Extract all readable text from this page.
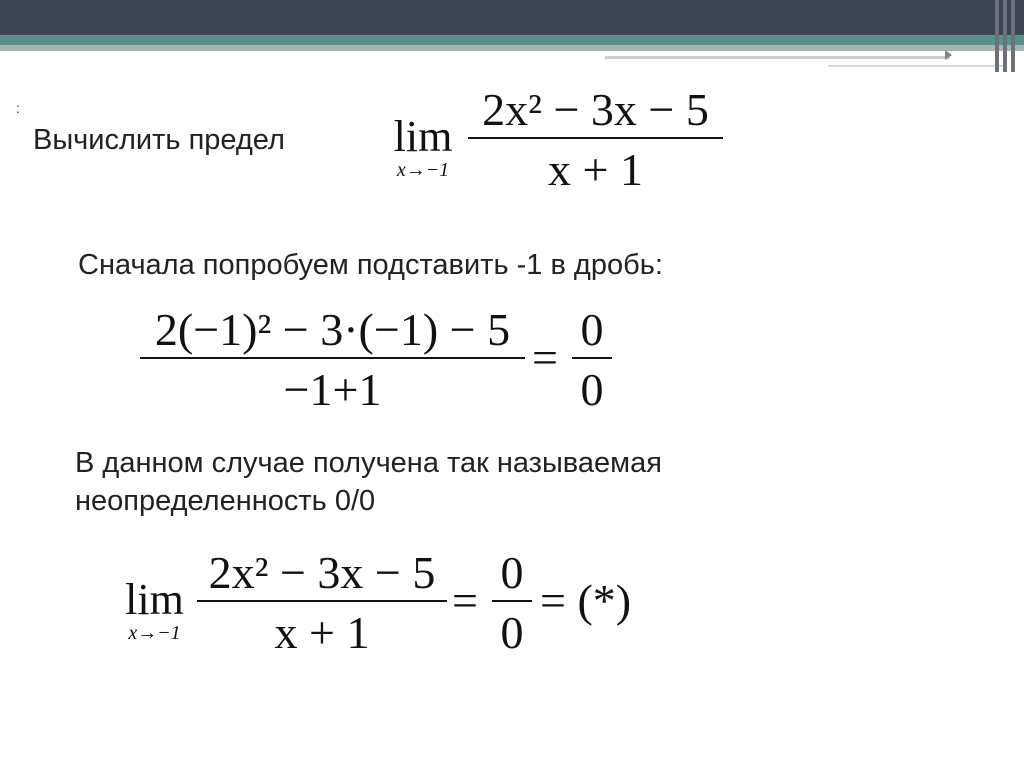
:
Вычислить предел	lim
x→−1
2x² − 3x − 5
x + 1
Сначала попробуем подставить -1 в дробь:
2(−1)² − 3·(−1) − 5
−1+1
=
0
0
В данном случае получена так называемая
неопределенность 0/0
lim
x→−1
2x² − 3x − 5
x + 1
=
0
0
= (*)
